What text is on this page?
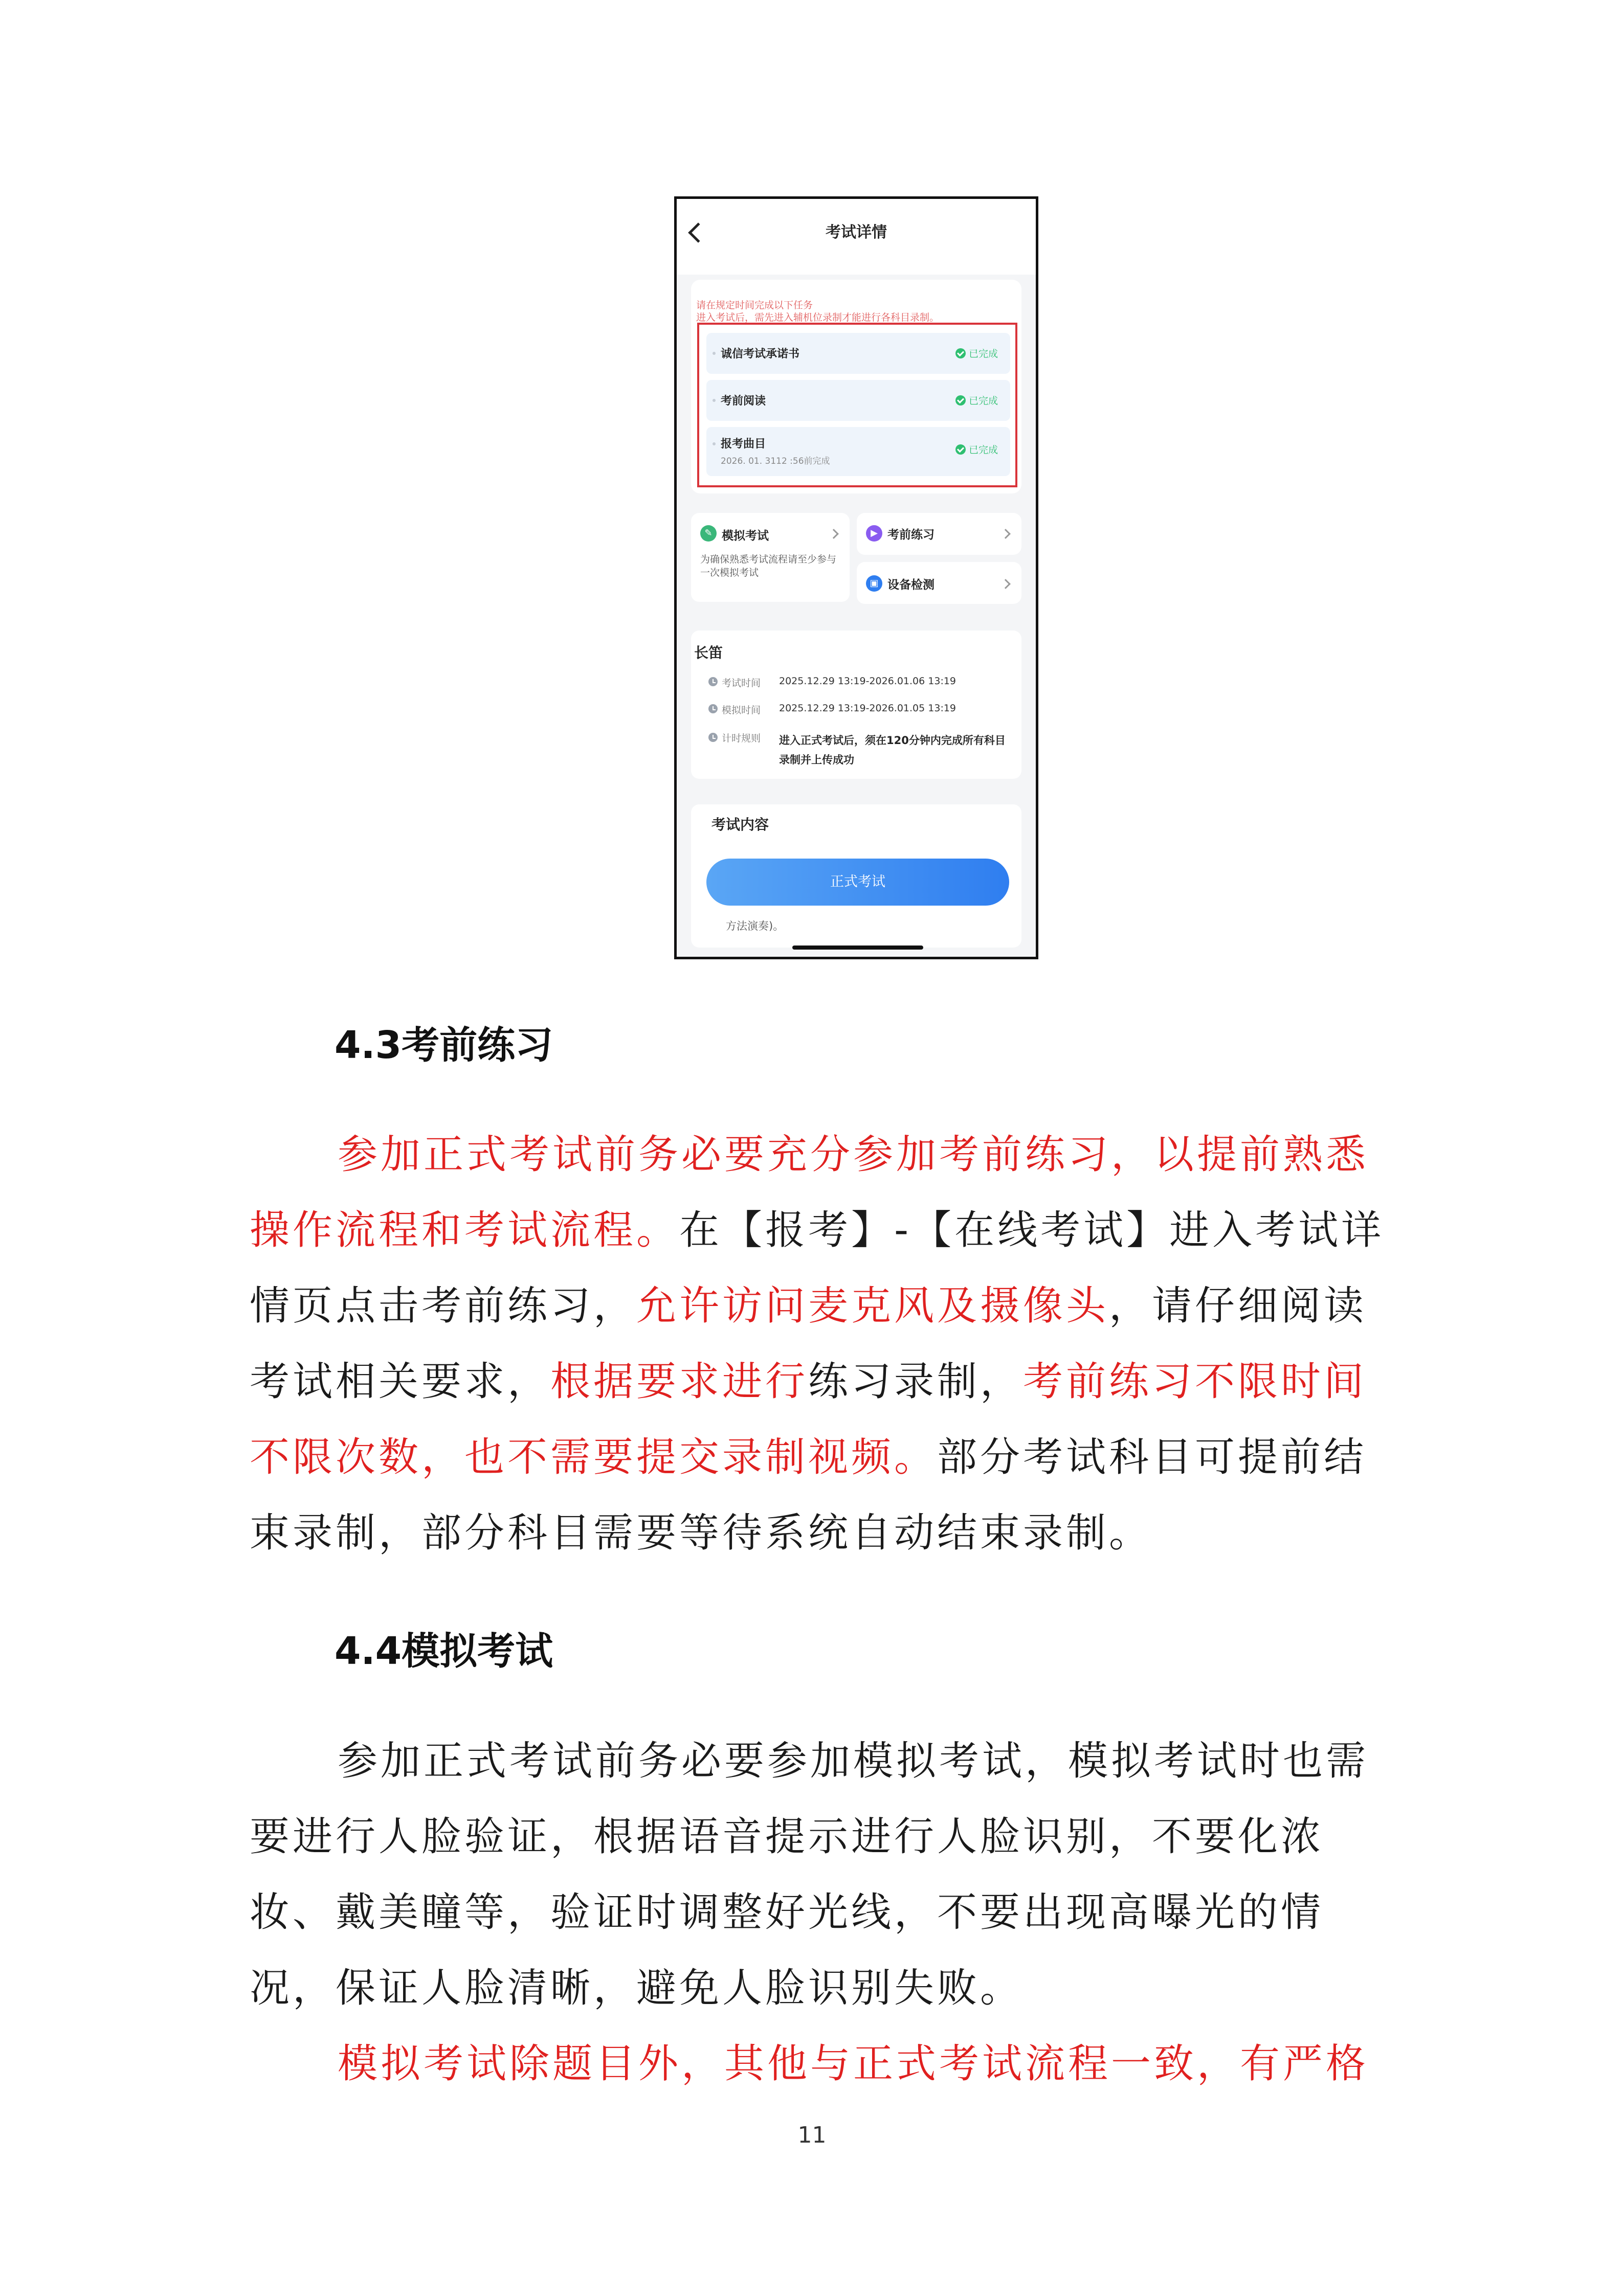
考试详情
请在规定时间完成以下任务
进入考试后，需先进入辅机位录制才能进行各科目录制。
诚信考试承诺书	已完成
考前阅读	已完成
报考曲目
2026. 01. 3112 :56前完成
已完成
✎ 模拟考试
为确保熟悉考试流程请至少参与一次模拟考试
▶ 考前练习
▣ 设备检测
长笛
考试时间 2025.12.29 13:19-2026.01.06 13:19
模拟时间 2025.12.29 13:19-2026.01.05 13:19
计时规则 进入正式考试后，须在120分钟内完成所有科目录制并上传成功
考试内容
正式考试
方法演奏)。
4.3考前练习

参加正式考试前务必要充分参加考前练习，以提前熟悉操作流程和考试流程。在【报考】-【在线考试】进入考试详情页点击考前练习，允许访问麦克风及摄像头，请仔细阅读考试相关要求，根据要求进行练习录制，考前练习不限时间不限次数，也不需要提交录制视频。部分考试科目可提前结束录制，部分科目需要等待系统自动结束录制。

4.4模拟考试

参加正式考试前务必要参加模拟考试，模拟考试时也需要进行人脸验证，根据语音提示进行人脸识别，不要化浓妆、戴美瞳等，验证时调整好光线，不要出现高曝光的情况，保证人脸清晰，避免人脸识别失败。

模拟考试除题目外，其他与正式考试流程一致，有严格

11
